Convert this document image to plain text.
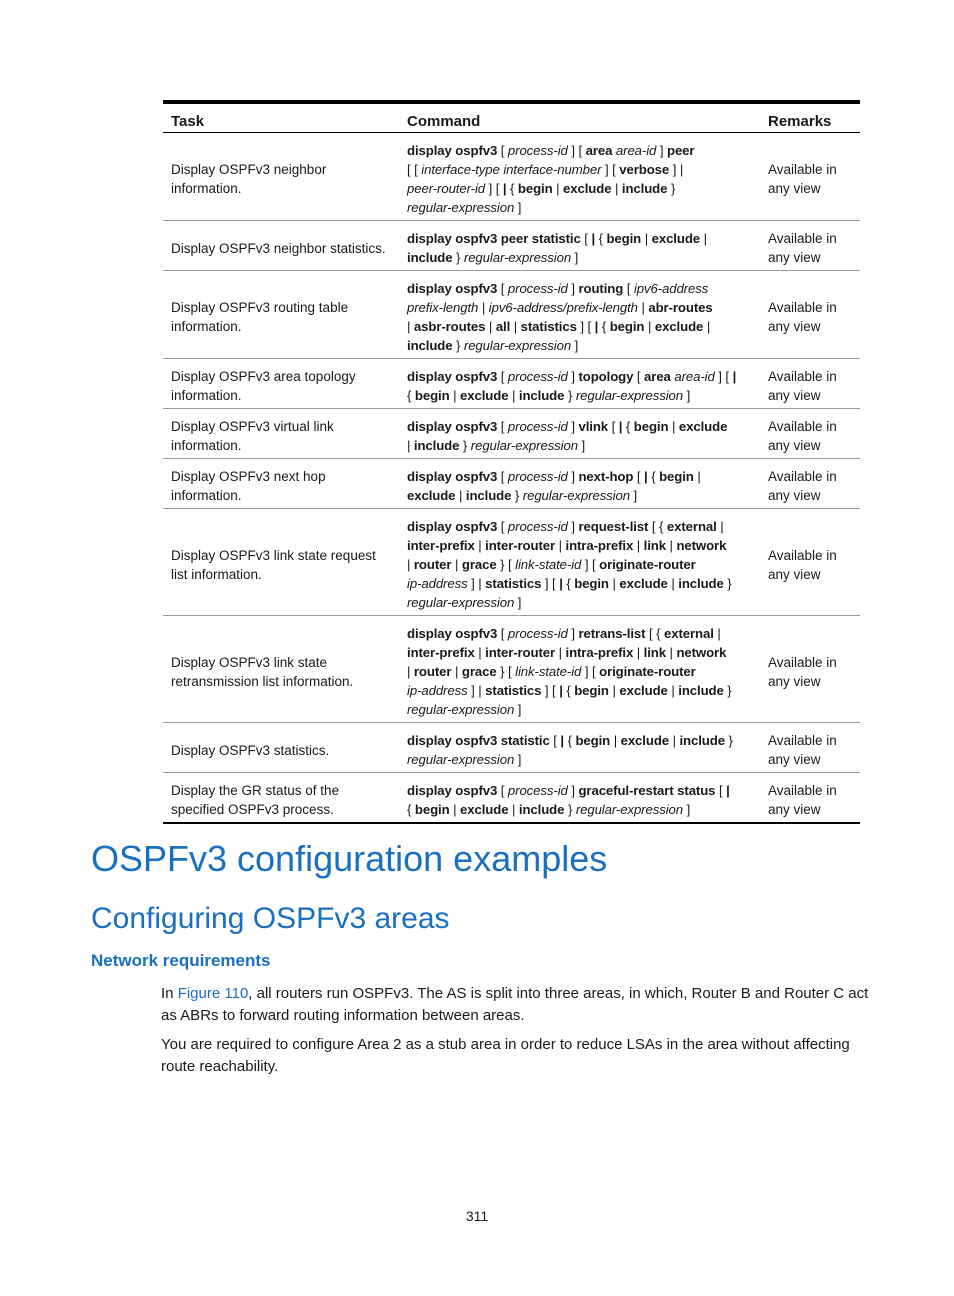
Task	Command	Remarks

Display OSPFv3 neighbor
information.	display ospfv3 [ process-id ] [ area area-id ] peer
[ [ interface-type interface-number ] [ verbose ] |
peer-router-id ] [ | { begin | exclude | include }
regular-expression ]	Available in
any view

Display OSPFv3 neighbor statistics.	display ospfv3 peer statistic [ | { begin | exclude |
include } regular-expression ]	Available in
any view

Display OSPFv3 routing table
information.	display ospfv3 [ process-id ] routing [ ipv6-address
prefix-length | ipv6-address/prefix-length | abr-routes
| asbr-routes | all | statistics ] [ | { begin | exclude |
include } regular-expression ]	Available in
any view

Display OSPFv3 area topology
information.	display ospfv3 [ process-id ] topology [ area area-id ] [ |
{ begin | exclude | include } regular-expression ]	Available in
any view

Display OSPFv3 virtual link
information.	display ospfv3 [ process-id ] vlink [ | { begin | exclude
| include } regular-expression ]	Available in
any view

Display OSPFv3 next hop
information.	display ospfv3 [ process-id ] next-hop [ | { begin |
exclude | include } regular-expression ]	Available in
any view

Display OSPFv3 link state request
list information.	display ospfv3 [ process-id ] request-list [ { external |
inter-prefix | inter-router | intra-prefix | link | network
| router | grace } [ link-state-id ] [ originate-router
ip-address ] | statistics ] [ | { begin | exclude | include }
regular-expression ]	Available in
any view

Display OSPFv3 link state
retransmission list information.	display ospfv3 [ process-id ] retrans-list [ { external |
inter-prefix | inter-router | intra-prefix | link | network
| router | grace } [ link-state-id ] [ originate-router
ip-address ] | statistics ] [ | { begin | exclude | include }
regular-expression ]	Available in
any view

Display OSPFv3 statistics.	display ospfv3 statistic [ | { begin | exclude | include }
regular-expression ]	Available in
any view

Display the GR status of the
specified OSPFv3 process.	display ospfv3 [ process-id ] graceful-restart status [ |
{ begin | exclude | include } regular-expression ]	Available in
any view
OSPFv3 configuration examples
Configuring OSPFv3 areas
Network requirements

In Figure 110, all routers run OSPFv3. The AS is split into three areas, in which, Router B and Router C act as ABRs to forward routing information between areas.

You are required to configure Area 2 as a stub area in order to reduce LSAs in the area without affecting route reachability.

311
